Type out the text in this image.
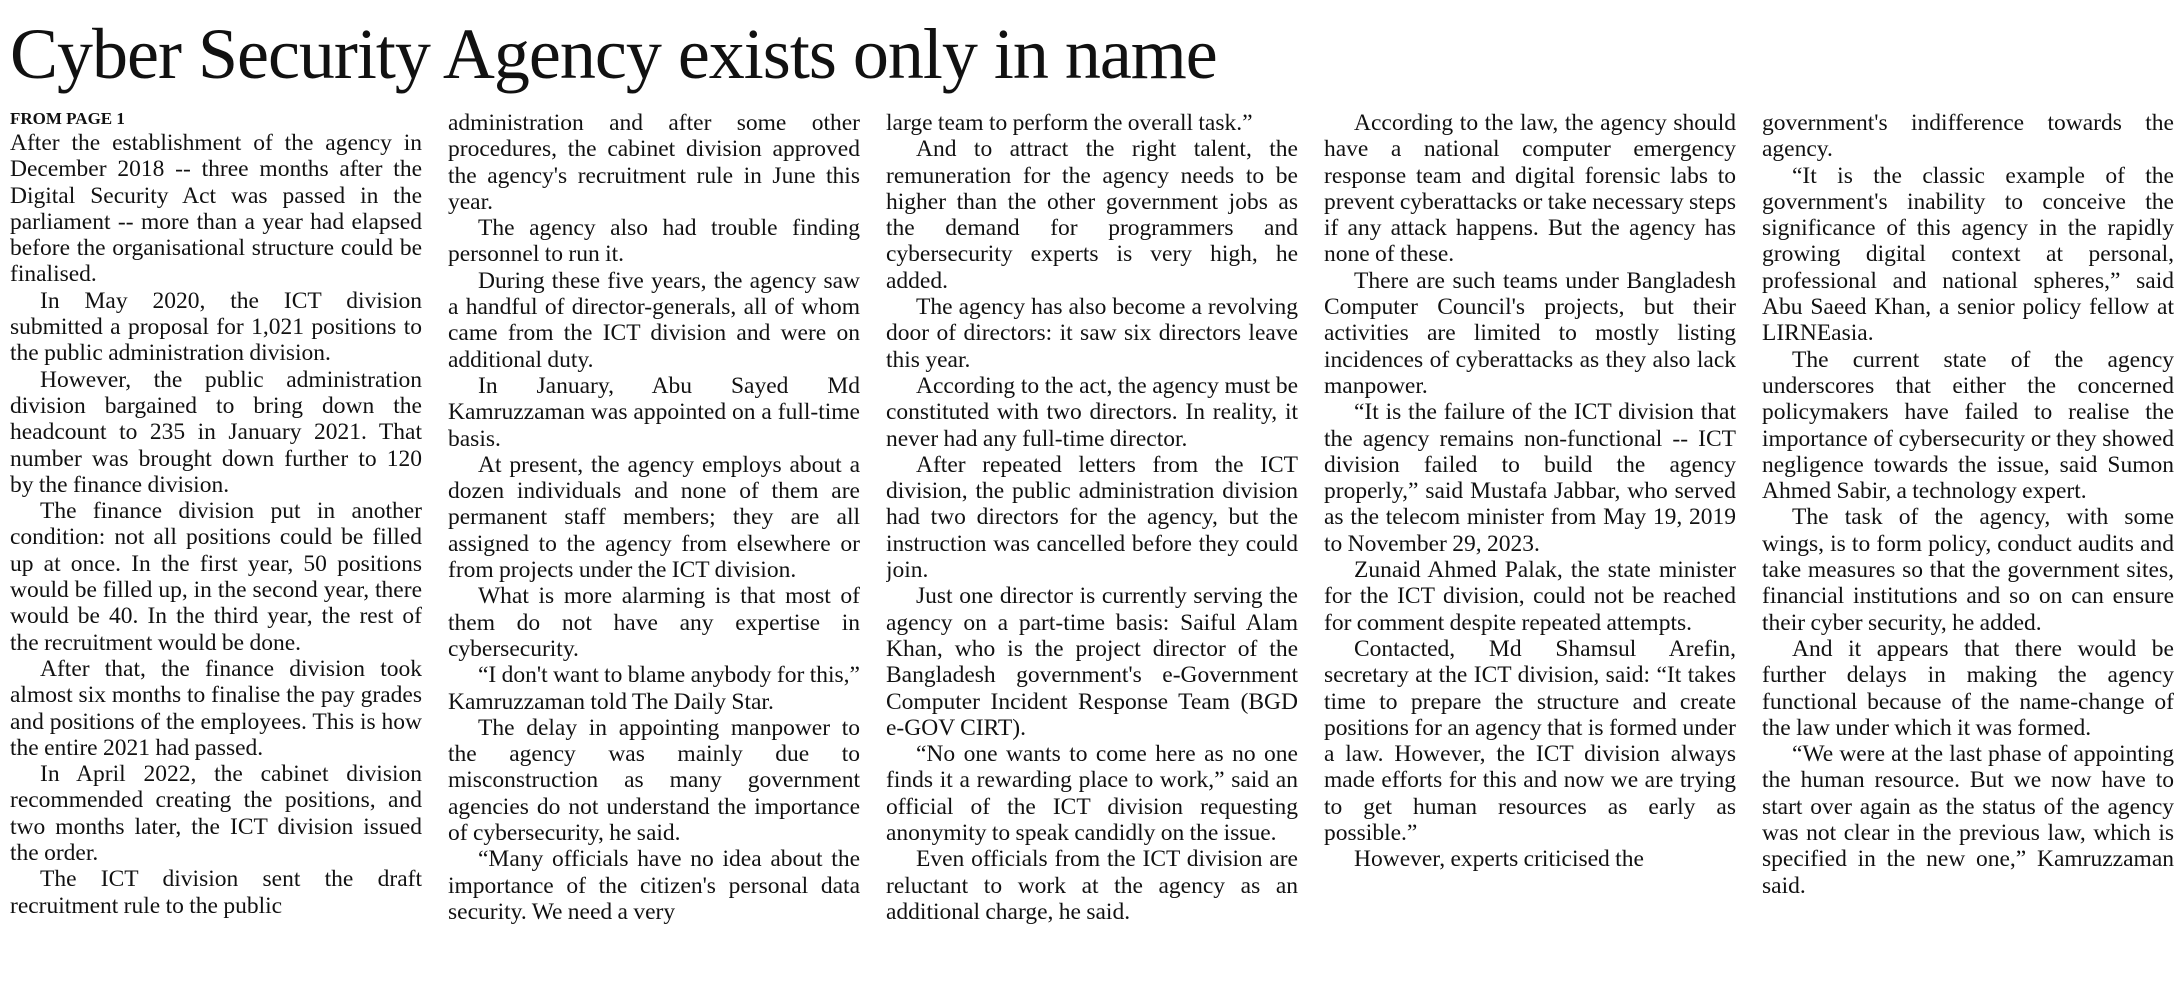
Cyber Security Agency exists only in name
FROM PAGE 1

After the establishment of the agency in December 2018 -- three months after the Digital Security Act was passed in the parliament -- more than a year had elapsed before the organisational structure could be finalised.

In May 2020, the ICT division submitted a proposal for 1,021 positions to the public administration division.

However, the public administration division bargained to bring down the headcount to 235 in January 2021. That number was brought down further to 120 by the finance division.

The finance division put in another condition: not all positions could be filled up at once. In the first year, 50 positions would be filled up, in the second year, there would be 40. In the third year, the rest of the recruitment would be done.

After that, the finance division took almost six months to finalise the pay grades and positions of the employees. This is how the entire 2021 had passed.

In April 2022, the cabinet division recommended creating the positions, and two months later, the ICT division issued the order.

The ICT division sent the draft recruitment rule to the public

administration and after some other procedures, the cabinet division approved the agency's recruitment rule in June this year.

The agency also had trouble finding personnel to run it.

During these five years, the agency saw a handful of director-generals, all of whom came from the ICT division and were on additional duty.

In January, Abu Sayed Md Kamruzzaman was appointed on a full-time basis.

At present, the agency employs about a dozen individuals and none of them are permanent staff members; they are all assigned to the agency from elsewhere or from projects under the ICT division.

What is more alarming is that most of them do not have any expertise in cybersecurity.

“I don't want to blame anybody for this,” Kamruzzaman told The Daily Star.

The delay in appointing manpower to the agency was mainly due to misconstruction as many government agencies do not understand the importance of cybersecurity, he said.

“Many officials have no idea about the importance of the citizen's personal data security. We need a very

large team to perform the overall task.”

And to attract the right talent, the remuneration for the agency needs to be higher than the other government jobs as the demand for programmers and cybersecurity experts is very high, he added.

The agency has also become a revolving door of directors: it saw six directors leave this year.

According to the act, the agency must be constituted with two directors. In reality, it never had any full-time director.

After repeated letters from the ICT division, the public administration division had two directors for the agency, but the instruction was cancelled before they could join.

Just one director is currently serving the agency on a part-time basis: Saiful Alam Khan, who is the project director of the Bangladesh government's e-Government Computer Incident Response Team (BGD e-GOV CIRT).

“No one wants to come here as no one finds it a rewarding place to work,” said an official of the ICT division requesting anonymity to speak candidly on the issue.

Even officials from the ICT division are reluctant to work at the agency as an additional charge, he said.

According to the law, the agency should have a national computer emergency response team and digital forensic labs to prevent cyberattacks or take necessary steps if any attack happens. But the agency has none of these.

There are such teams under Bangladesh Computer Council's projects, but their activities are limited to mostly listing incidences of cyberattacks as they also lack manpower.

“It is the failure of the ICT division that the agency remains non-functional -- ICT division failed to build the agency properly,” said Mustafa Jabbar, who served as the telecom minister from May 19, 2019 to November 29, 2023.

Zunaid Ahmed Palak, the state minister for the ICT division, could not be reached for comment despite repeated attempts.

Contacted, Md Shamsul Arefin, secretary at the ICT division, said: “It takes time to prepare the structure and create positions for an agency that is formed under a law. However, the ICT division always made efforts for this and now we are trying to get human resources as early as possible.”

However, experts criticised the

government's indifference towards the agency.

“It is the classic example of the government's inability to conceive the significance of this agency in the rapidly growing digital context at personal, professional and national spheres,” said Abu Saeed Khan, a senior policy fellow at LIRNEasia.

The current state of the agency underscores that either the concerned policymakers have failed to realise the importance of cybersecurity or they showed negligence towards the issue, said Sumon Ahmed Sabir, a technology expert.

The task of the agency, with some wings, is to form policy, conduct audits and take measures so that the government sites, financial institutions and so on can ensure their cyber security, he added.

And it appears that there would be further delays in making the agency functional because of the name-change of the law under which it was formed.

“We were at the last phase of appointing the human resource. But we now have to start over again as the status of the agency was not clear in the previous law, which is specified in the new one,” Kamruzzaman said.
